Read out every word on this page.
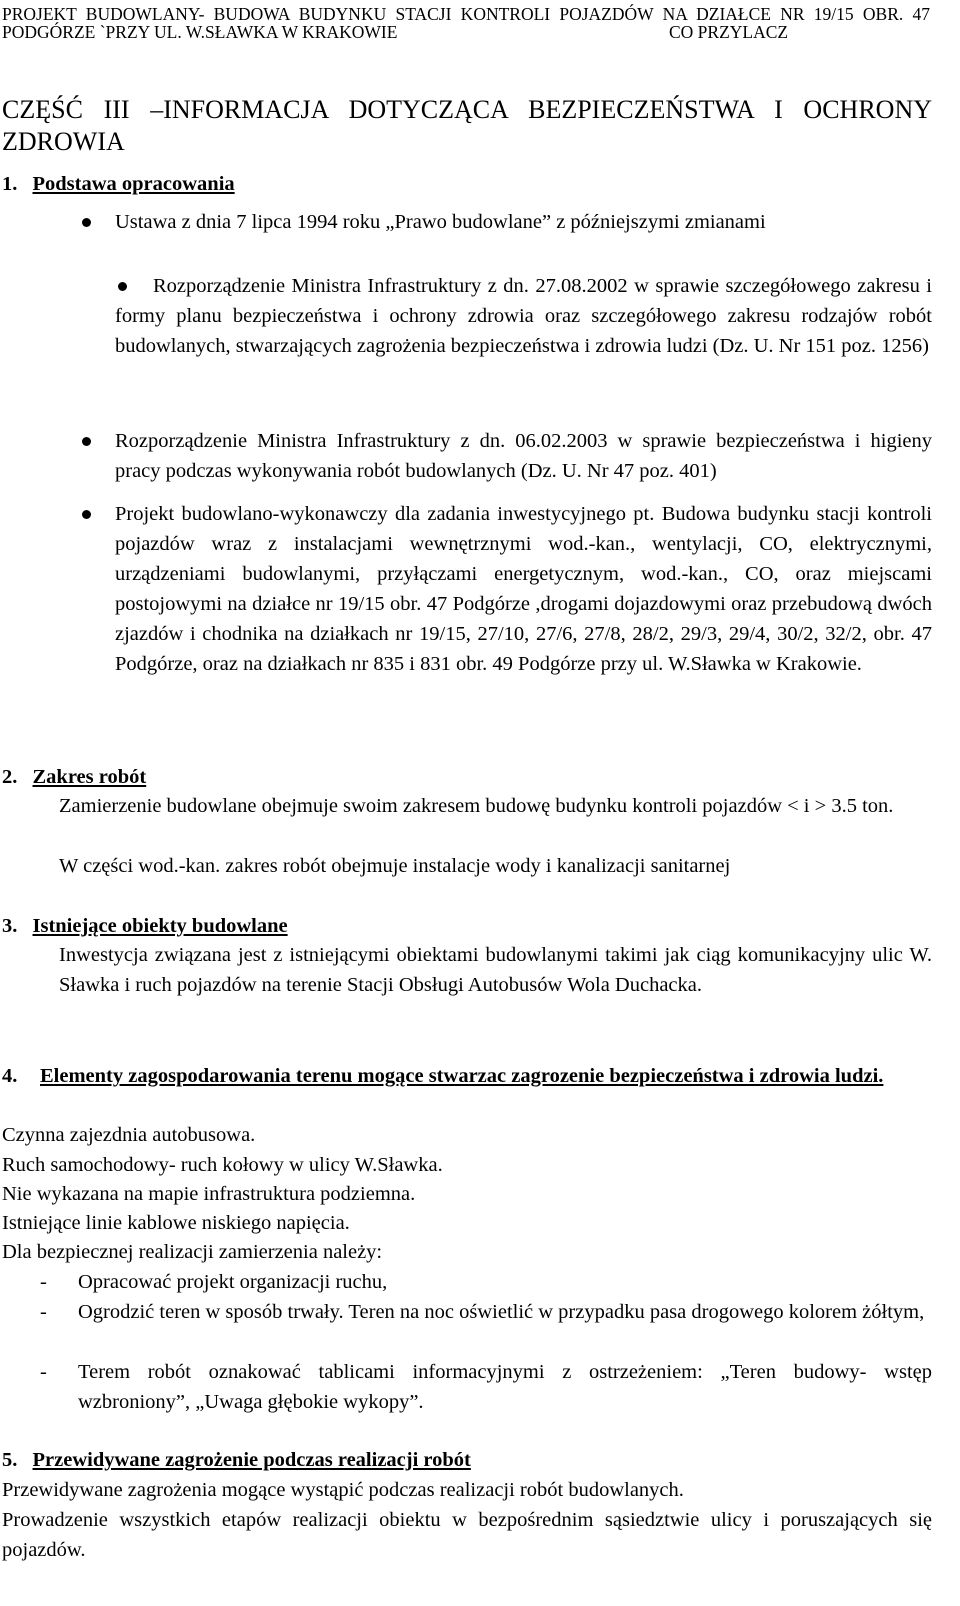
PROJEKT BUDOWLANY- BUDOWA BUDYNKU STACJI KONTROLI POJAZDÓW NA DZIAŁCE NR 19/15 OBR. 47
PODGÓRZE `PRZY UL. W.SŁAWKA W KRAKOWIE	CO PRZYLACZ
CZĘŚĆ III –INFORMACJA DOTYCZĄCA BEZPIECZEŃSTWA I OCHRONY ZDROWIA
1. Podstawa opracowania
Ustawa z dnia 7 lipca 1994 roku „Prawo budowlane” z późniejszymi zmianami
Rozporządzenie Ministra Infrastruktury z dn. 27.08.2002 w sprawie szczegółowego zakresu i formy planu bezpieczeństwa i ochrony zdrowia oraz szczegółowego zakresu rodzajów robót budowlanych, stwarzających zagrożenia bezpieczeństwa i zdrowia ludzi (Dz. U. Nr 151 poz. 1256)
Rozporządzenie Ministra Infrastruktury z dn. 06.02.2003 w sprawie bezpieczeństwa i higieny pracy podczas wykonywania robót budowlanych (Dz. U. Nr 47 poz. 401)
Projekt budowlano-wykonawczy dla zadania inwestycyjnego pt. Budowa budynku stacji kontroli pojazdów wraz z instalacjami wewnętrznymi wod.-kan., wentylacji, CO, elektrycznymi, urządzeniami budowlanymi, przyłączami energetycznym, wod.-kan., CO, oraz miejscami postojowymi na działce nr 19/15 obr. 47 Podgórze ,drogami dojazdowymi oraz przebudową dwóch zjazdów i chodnika na działkach nr 19/15, 27/10, 27/6, 27/8, 28/2, 29/3, 29/4, 30/2, 32/2, obr. 47 Podgórze, oraz na działkach nr 835 i 831 obr. 49 Podgórze przy ul. W.Sławka w Krakowie.
2. Zakres robót
Zamierzenie budowlane obejmuje swoim zakresem budowę budynku kontroli pojazdów < i > 3.5 ton.
W części wod.-kan. zakres robót obejmuje instalacje wody i kanalizacji sanitarnej
3. Istniejące obiekty budowlane
Inwestycja związana jest z istniejącymi obiektami budowlanymi takimi jak ciąg komunikacyjny ulic W. Sławka i ruch pojazdów na terenie Stacji Obsługi Autobusów Wola Duchacka.
4. Elementy zagospodarowania terenu mogące stwarzac zagrozenie bezpieczeństwa i zdrowia ludzi.
Czynna zajezdnia autobusowa.
Ruch samochodowy- ruch kołowy w ulicy W.Sławka.
Nie wykazana na mapie infrastruktura podziemna.
Istniejące linie kablowe niskiego napięcia.
Dla bezpiecznej realizacji zamierzenia należy:
- Opracować projekt organizacji ruchu,
- Ogrodzić teren w sposób trwały. Teren na noc oświetlić w przypadku pasa drogowego kolorem żółtym,
- Terem robót oznakować tablicami informacyjnymi z ostrzeżeniem: „Teren budowy- wstęp wzbroniony”, „Uwaga głębokie wykopy”.
5. Przewidywane zagrożenie podczas realizacji robót
Przewidywane zagrożenia mogące wystąpić podczas realizacji robót budowlanych.
Prowadzenie wszystkich etapów realizacji obiektu w bezpośrednim sąsiedztwie ulicy i poruszających się pojazdów.
